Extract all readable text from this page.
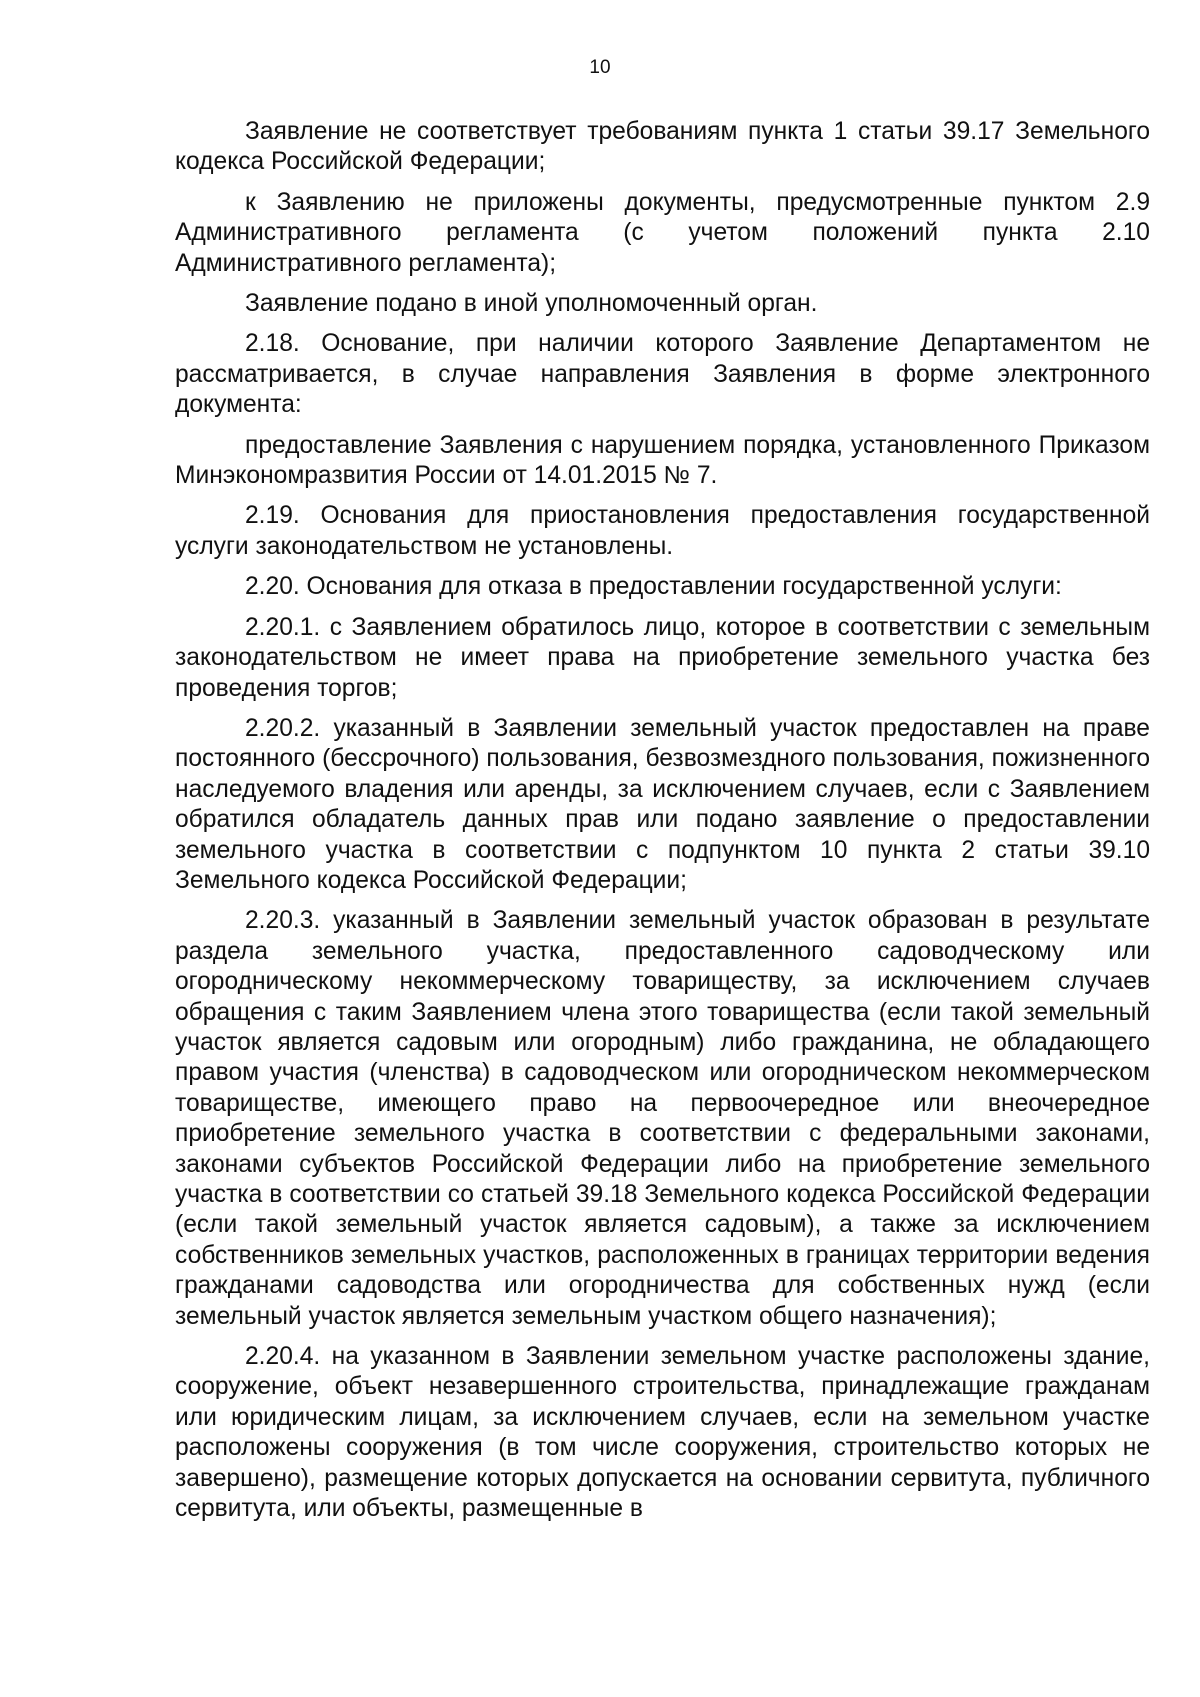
10

Заявление не соответствует требованиям пункта 1 статьи 39.17 Земельного кодекса Российской Федерации;

к Заявлению не приложены документы, предусмотренные пунктом 2.9 Административного регламента (с учетом положений пункта 2.10 Административного регламента);

Заявление подано в иной уполномоченный орган.

2.18. Основание, при наличии которого Заявление Департаментом не рассматривается, в случае направления Заявления в форме электронного документа:

предоставление Заявления с нарушением порядка, установленного Приказом Минэкономразвития России от 14.01.2015 № 7.

2.19. Основания для приостановления предоставления государственной услуги законодательством не установлены.

2.20. Основания для отказа в предоставлении государственной услуги:

2.20.1. с Заявлением обратилось лицо, которое в соответствии с земельным законодательством не имеет права на приобретение земельного участка без проведения торгов;

2.20.2. указанный в Заявлении земельный участок предоставлен на праве постоянного (бессрочного) пользования, безвозмездного пользования, пожизненного наследуемого владения или аренды, за исключением случаев, если с Заявлением обратился обладатель данных прав или подано заявление о предоставлении земельного участка в соответствии с подпунктом 10 пункта 2 статьи 39.10 Земельного кодекса Российской Федерации;

2.20.3. указанный в Заявлении земельный участок образован в результате раздела земельного участка, предоставленного садоводческому или огородническому некоммерческому товариществу, за исключением случаев обращения с таким Заявлением члена этого товарищества (если такой земельный участок является садовым или огородным) либо гражданина, не обладающего правом участия (членства) в садоводческом или огородническом некоммерческом товариществе, имеющего право на первоочередное или внеочередное приобретение земельного участка в соответствии с федеральными законами, законами субъектов Российской Федерации либо на приобретение земельного участка в соответствии со статьей 39.18 Земельного кодекса Российской Федерации (если такой земельный участок является садовым), а также за исключением собственников земельных участков, расположенных в границах территории ведения гражданами садоводства или огородничества для собственных нужд (если земельный участок является земельным участком общего назначения);

2.20.4. на указанном в Заявлении земельном участке расположены здание, сооружение, объект незавершенного строительства, принадлежащие гражданам или юридическим лицам, за исключением случаев, если на земельном участке расположены сооружения (в том числе сооружения, строительство которых не завершено), размещение которых допускается на основании сервитута, публичного сервитута, или объекты, размещенные в
